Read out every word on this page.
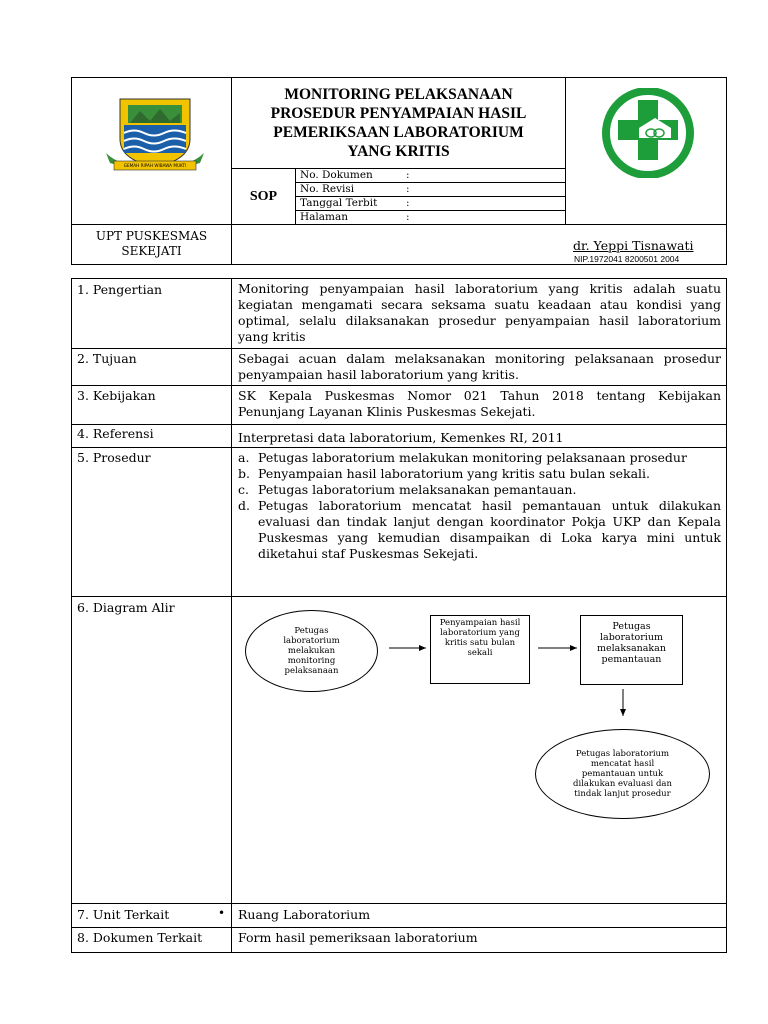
GEMAH RIPAH WIBAWA MUKTI
MONITORING PELAKSANAAN
PROSEDUR PENYAMPAIAN HASIL
PEMERIKSAAN LABORATORIUM
YANG KRITIS
SOP
No. Dokumen	:
No. Revisi	:
Tanggal Terbit	:
Halaman	:
UPT PUSKESMAS
SEKEJATI	dr. Yeppi Tisnawati
NIP.1972041 8200501 2004
1. Pengertian	Monitoring penyampaian hasil laboratorium yang kritis adalah suatu kegiatan mengamati secara seksama suatu keadaan atau kondisi yang optimal, selalu dilaksanakan prosedur penyampaian hasil laboratorium yang kritis
2. Tujuan	Sebagai acuan dalam melaksanakan monitoring pelaksanaan prosedur penyampaian hasil laboratorium yang kritis.
3. Kebijakan	SK Kepala Puskesmas Nomor 021 Tahun 2018 tentang Kebijakan Penunjang Layanan Klinis Puskesmas Sekejati.
4. Referensi	Interpretasi data laboratorium, Kemenkes RI, 2011
5. Prosedur	a. Petugas laboratorium melakukan monitoring pelaksanaan prosedur
b. Penyampaian hasil laboratorium yang kritis satu bulan sekali.
c. Petugas laboratorium melaksanakan pemantauan.
d. Petugas laboratorium mencatat hasil pemantauan untuk dilakukan evaluasi dan tindak lanjut dengan koordinator Pokja UKP dan Kepala Puskesmas yang kemudian disampaikan di Loka karya mini untuk diketahui staf Puskesmas Sekejati.
6. Diagram Alir
Petugas laboratorium melakukan monitoring pelaksanaan
Penyampaian hasil laboratorium yang kritis satu bulan sekali
Petugas laboratorium melaksanakan pemantauan
Petugas laboratorium mencatat hasil pemantauan untuk dilakukan evaluasi dan tindak lanjut prosedur
7. Unit Terkait	•	Ruang Laboratorium
8. Dokumen Terkait	Form hasil pemeriksaan laboratorium
